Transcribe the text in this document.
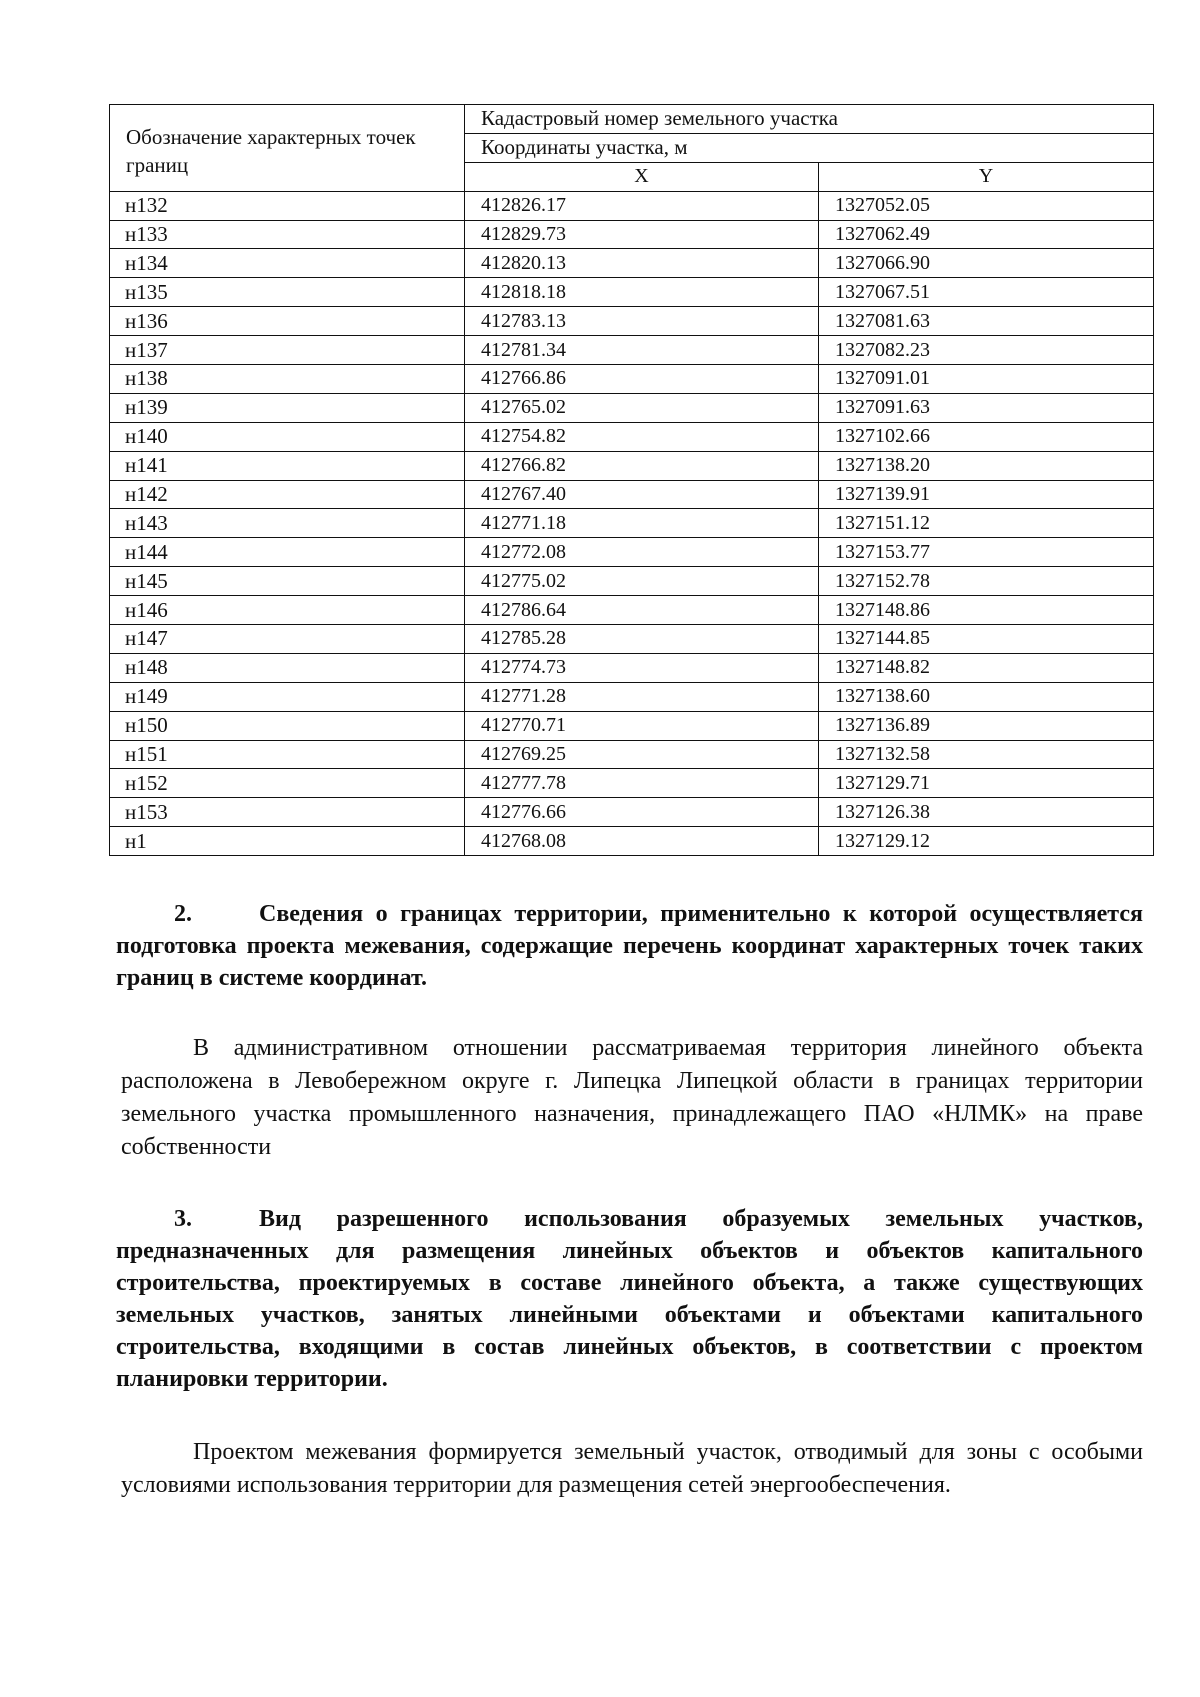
Обозначение характерных точек границ	Кадастровый номер земельного участка	
	Координаты участка, м	
	X	Y
н132	412826.17	1327052.05
н133	412829.73	1327062.49
н134	412820.13	1327066.90
н135	412818.18	1327067.51
н136	412783.13	1327081.63
н137	412781.34	1327082.23
н138	412766.86	1327091.01
н139	412765.02	1327091.63
н140	412754.82	1327102.66
н141	412766.82	1327138.20
н142	412767.40	1327139.91
н143	412771.18	1327151.12
н144	412772.08	1327153.77
н145	412775.02	1327152.78
н146	412786.64	1327148.86
н147	412785.28	1327144.85
н148	412774.73	1327148.82
н149	412771.28	1327138.60
н150	412770.71	1327136.89
н151	412769.25	1327132.58
н152	412777.78	1327129.71
н153	412776.66	1327126.38
н1	412768.08	1327129.12
2.	Сведения о границах территории, применительно к которой осуществляется подготовка проекта межевания, содержащие перечень координат характерных точек таких границ в системе координат.
В административном отношении рассматриваемая территория линейного объекта расположена в Левобережном округе г. Липецка Липецкой области в границах территории земельного участка промышленного назначения, принадлежащего ПАО «НЛМК» на праве собственности
3.	Вид разрешенного использования образуемых земельных участков, предназначенных для размещения линейных объектов и объектов капитального строительства, проектируемых в составе линейного объекта, а также существующих земельных участков, занятых линейными объектами и объектами капитального строительства, входящими в состав линейных объектов, в соответствии с проектом планировки территории.
Проектом межевания формируется земельный участок, отводимый для зоны с особыми условиями использования территории для размещения сетей энергообеспечения.
